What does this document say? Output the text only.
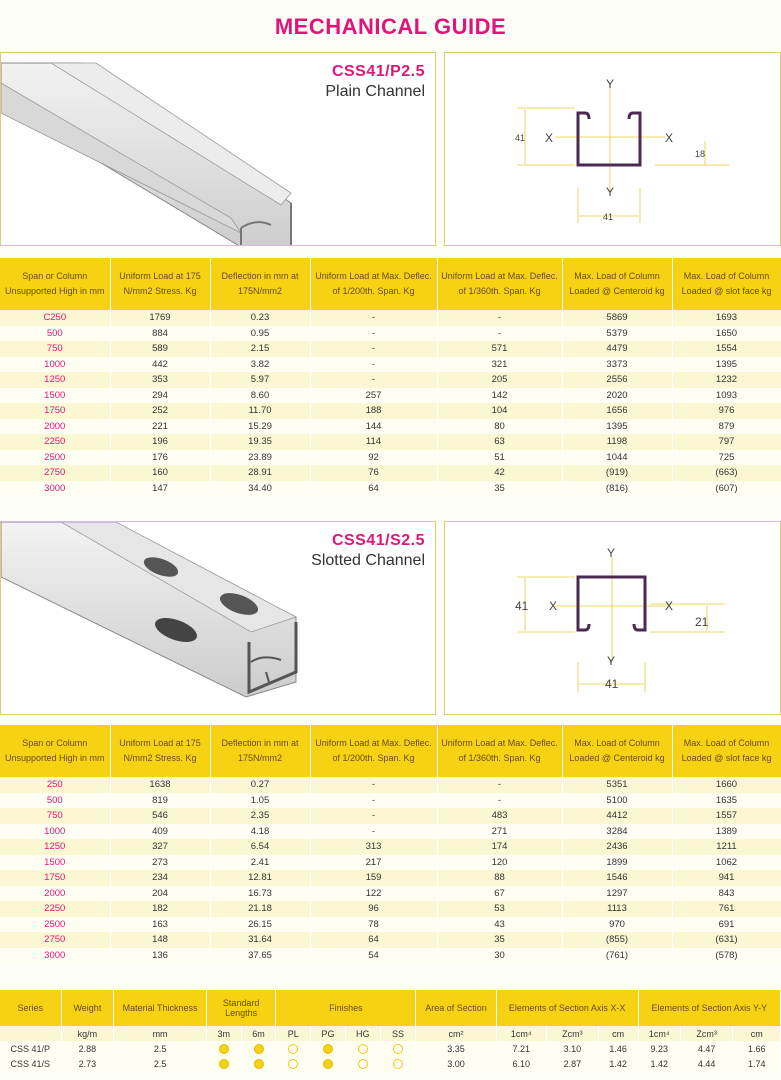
MECHANICAL GUIDE
CSS41/P2.5
Plain Channel	Y
Y
X	X
41
41
18
Span or Column Unsupported High in mm	Uniform Load at 175 N/mm2 Stress. Kg	Deflection in mm at 175N/mm2	Uniform Load at Max. Deflec. of 1/200th. Span. Kg	Uniform Load at Max. Deflec. of 1/360th. Span. Kg	Max. Load of Column Loaded @ Centeroid kg	Max. Load of Column Loaded @ slot face kg
C250	1769	0.23	-	-	5869	1693
500	884	0.95	-	-	5379	1650
750	589	2.15	-	571	4479	1554
1000	442	3.82	-	321	3373	1395
1250	353	5.97	-	205	2556	1232
1500	294	8.60	257	142	2020	1093
1750	252	11.70	188	104	1656	976
2000	221	15.29	144	80	1395	879
2250	196	19.35	114	63	1198	797
2500	176	23.89	92	51	1044	725
2750	160	28.91	76	42	(919)	(663)
3000	147	34.40	64	35	(816)	(607)
CSS41/S2.5
Slotted Channel	Y
Y
X	X
41
41
21
Span or Column Unsupported High in mm	Uniform Load at 175 N/mm2 Stress. Kg	Deflection in mm at 175N/mm2	Uniform Load at Max. Deflec. of 1/200th. Span. Kg	Uniform Load at Max. Deflec. of 1/360th. Span. Kg	Max. Load of Column Loaded @ Centeroid kg	Max. Load of Column Loaded @ slot face kg
250	1638	0.27	-	-	5351	1660
500	819	1.05	-	-	5100	1635
750	546	2.35	-	483	4412	1557
1000	409	4.18	-	271	3284	1389
1250	327	6.54	313	174	2436	1211
1500	273	2.41	217	120	1899	1062
1750	234	12.81	159	88	1546	941
2000	204	16.73	122	67	1297	843
2250	182	21.18	96	53	1113	761
2500	163	26.15	78	43	970	691
2750	148	31.64	64	35	(855)	(631)
3000	136	37.65	54	30	(761)	(578)
Series	Weight	Material Thickness	Standard Lengths		Finishes				Area of Section	Elements of Section Axis X-X			Elements of Section Axis Y-Y		
	kg/m	mm	3m	6m	PL	PG	HG	SS	cm²	1cm⁴	Zcm³	cm	1cm⁴	Zcm³	cm
CSS 41/P	2.88	2.5							3.35	7.21	3.10	1.46	9.23	4.47	1.66
CSS 41/S	2.73	2.5							3.00	6.10	2.87	1.42	1.42	4.44	1.74
